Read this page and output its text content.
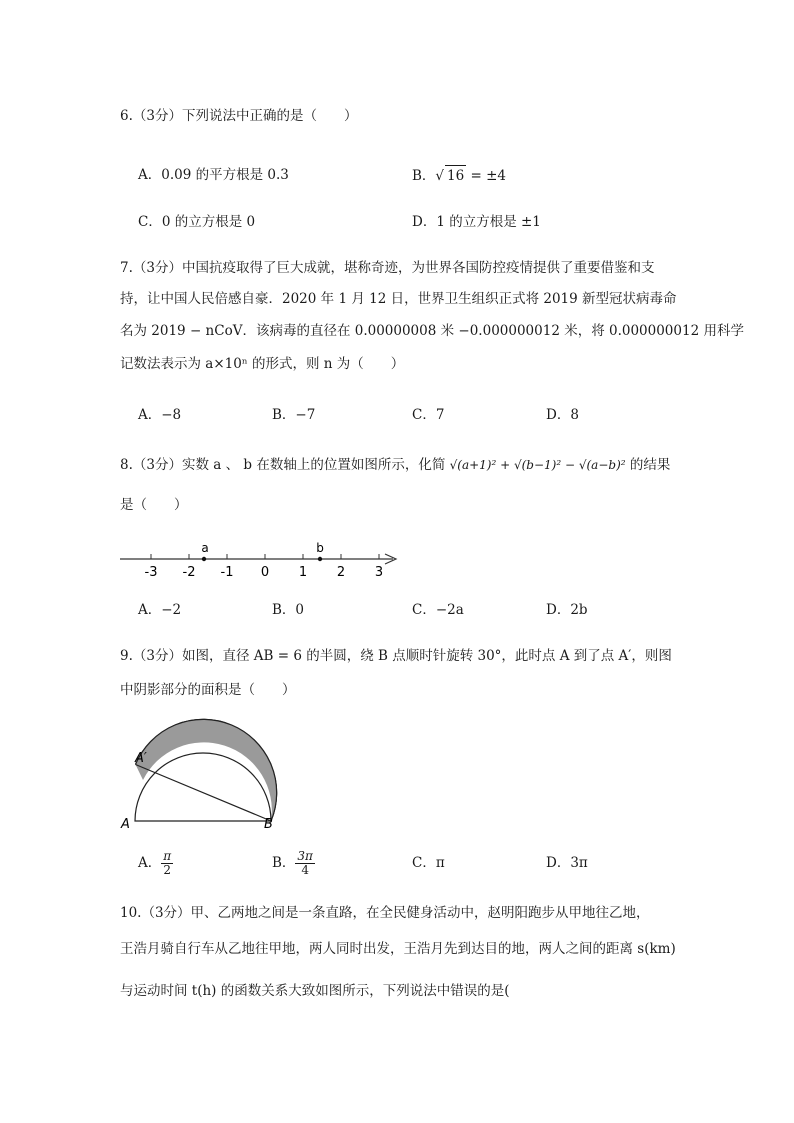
6.（3分）下列说法中正确的是（　　）
A．0.09 的平方根是 0.3	B．√ 16 = ±4
C．0 的立方根是 0	D．1 的立方根是 ±1
7.（3分）中国抗疫取得了巨大成就，堪称奇迹，为世界各国防控疫情提供了重要借鉴和支
持，让中国人民倍感自豪．2020 年 1 月 12 日，世界卫生组织正式将 2019 新型冠状病毒命
名为 2019 − nCoV．该病毒的直径在 0.00000008 米 −0.000000012 米，将 0.000000012 用科学
记数法表示为 a×10ⁿ 的形式，则 n 为（　　）
A．−8	B．−7	C．7	D．8
8.（3分）实数 a 、 b 在数轴上的位置如图所示，化简 √(a+1)² + √(b−1)² − √(a−b)² 的结果
是（　　）
-3 -2 -1 0 1 2 3
a	b
A．−2	B．0	C．−2a	D．2b
9.（3分）如图，直径 AB = 6 的半圆，绕 B 点顺时针旋转 30°，此时点 A 到了点 A′，则图
中阴影部分的面积是（　　）
A	B
A′
A． $\frac{\pi}{2}$	B． $\frac{3\pi}{4}$	C．π	D．3π
10.（3分）甲、乙两地之间是一条直路，在全民健身活动中，赵明阳跑步从甲地往乙地，
王浩月骑自行车从乙地往甲地，两人同时出发，王浩月先到达目的地，两人之间的距离 s(km)
与运动时间 t(h) 的函数关系大致如图所示，下列说法中错误的是(
